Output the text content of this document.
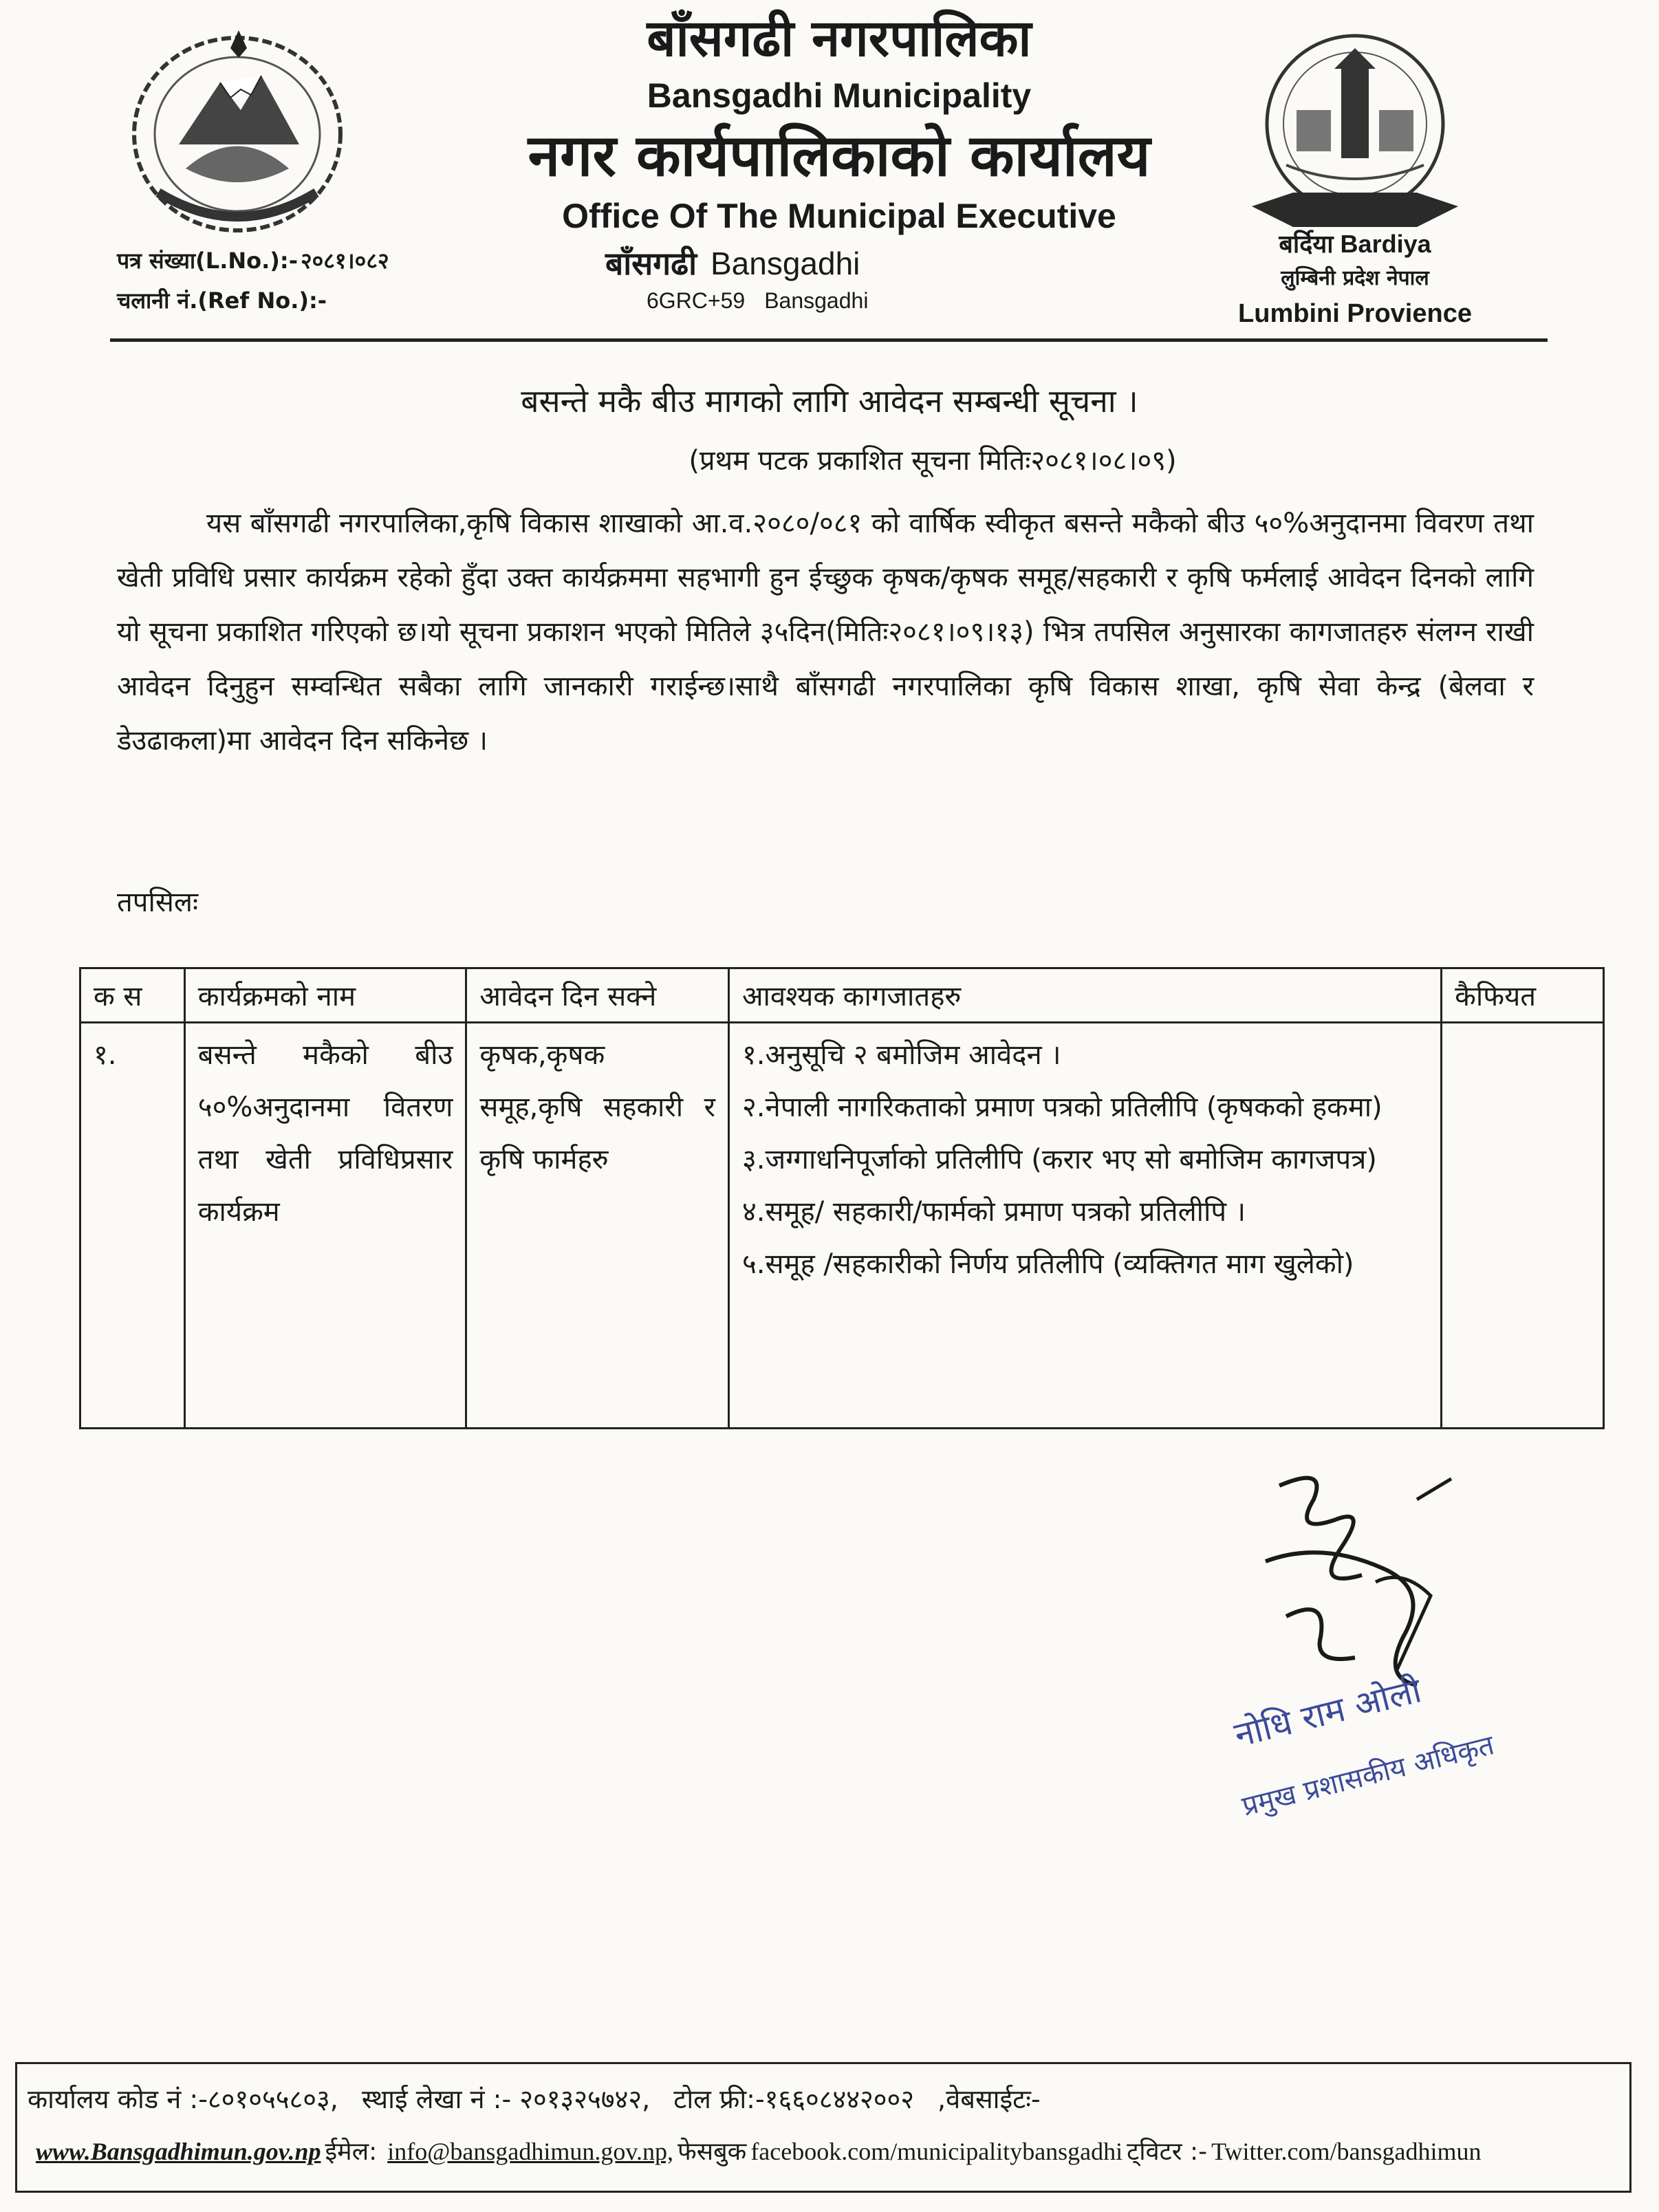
बाँसगढी नगरपालिका
Bansgadhi Municipality
नगर कार्यपालिकाको कार्यालय
Office Of The Municipal Executive
बाँसगढी Bansgadhi
6GRC+59 Bansgadhi
पत्र संख्या(L.No.):- २०८१।०८२
चलानी नं.(Ref No.):-
बर्दिया Bardiya
लुम्बिनी प्रदेश नेपाल
Lumbini Provience
बसन्ते मकै बीउ मागको लागि आवेदन सम्बन्धी सूचना ।
(प्रथम पटक प्रकाशित सूचना मितिः२०८१।०८।०९)
यस बाँसगढी नगरपालिका,कृषि विकास शाखाको आ.व.२०८०/०८१ को वार्षिक स्वीकृत बसन्ते मकैको बीउ ५०%अनुदानमा विवरण तथा खेती प्रविधि प्रसार कार्यक्रम रहेको हुँदा उक्त कार्यक्रममा सहभागी हुन ईच्छुक कृषक/कृषक समूह/सहकारी र कृषि फर्मलाई आवेदन दिनको लागि यो सूचना प्रकाशित गरिएको छ।यो सूचना प्रकाशन भएको मितिले ३५दिन(मितिः२०८१।०९।१३) भित्र तपसिल अनुसारका कागजातहरु संलग्न राखी आवेदन दिनुहुन सम्वन्धित सबैका लागि जानकारी गराईन्छ।साथै बाँसगढी नगरपालिका कृषि विकास शाखा, कृषि सेवा केन्द्र (बेलवा र डेउढाकला)मा आवेदन दिन सकिनेछ ।
तपसिलः
क स	कार्यक्रमको नाम	आवेदन दिन सक्ने	आवश्यक कागजातहरु	कैफियत
१.	बसन्ते मकैको बीउ ५०%अनुदानमा वितरण तथा खेती प्रविधिप्रसार कार्यक्रम	कृषक,कृषक समूह,कृषि सहकारी र कृषि फार्महरु	१.अनुसूचि २ बमोजिम आवेदन ।
२.नेपाली नागरिकताको प्रमाण पत्रको प्रतिलीपि (कृषकको हकमा)
३.जग्गाधनिपूर्जाको प्रतिलीपि (करार भए सो बमोजिम कागजपत्र)
४.समूह/ सहकारी/फार्मको प्रमाण पत्रको प्रतिलीपि ।
५.समूह /सहकारीको निर्णय प्रतिलीपि (व्यक्तिगत माग खुलेको)	

नोधि राम ओली
प्रमुख प्रशासकीय अधिकृत
कार्यालय कोड नं :-८०१०५५८०३, स्थाई लेखा नं :- २०१३२५७४२, टोल फ्री:-१६६०८४४२००२ ,वेबसाईटः-
www.Bansgadhimun.gov.np ईमेल: info@bansgadhimun.gov.np, फेसबुक facebook.com/municipalitybansgadhi ट्विटर :- Twitter.com/bansgadhimun
